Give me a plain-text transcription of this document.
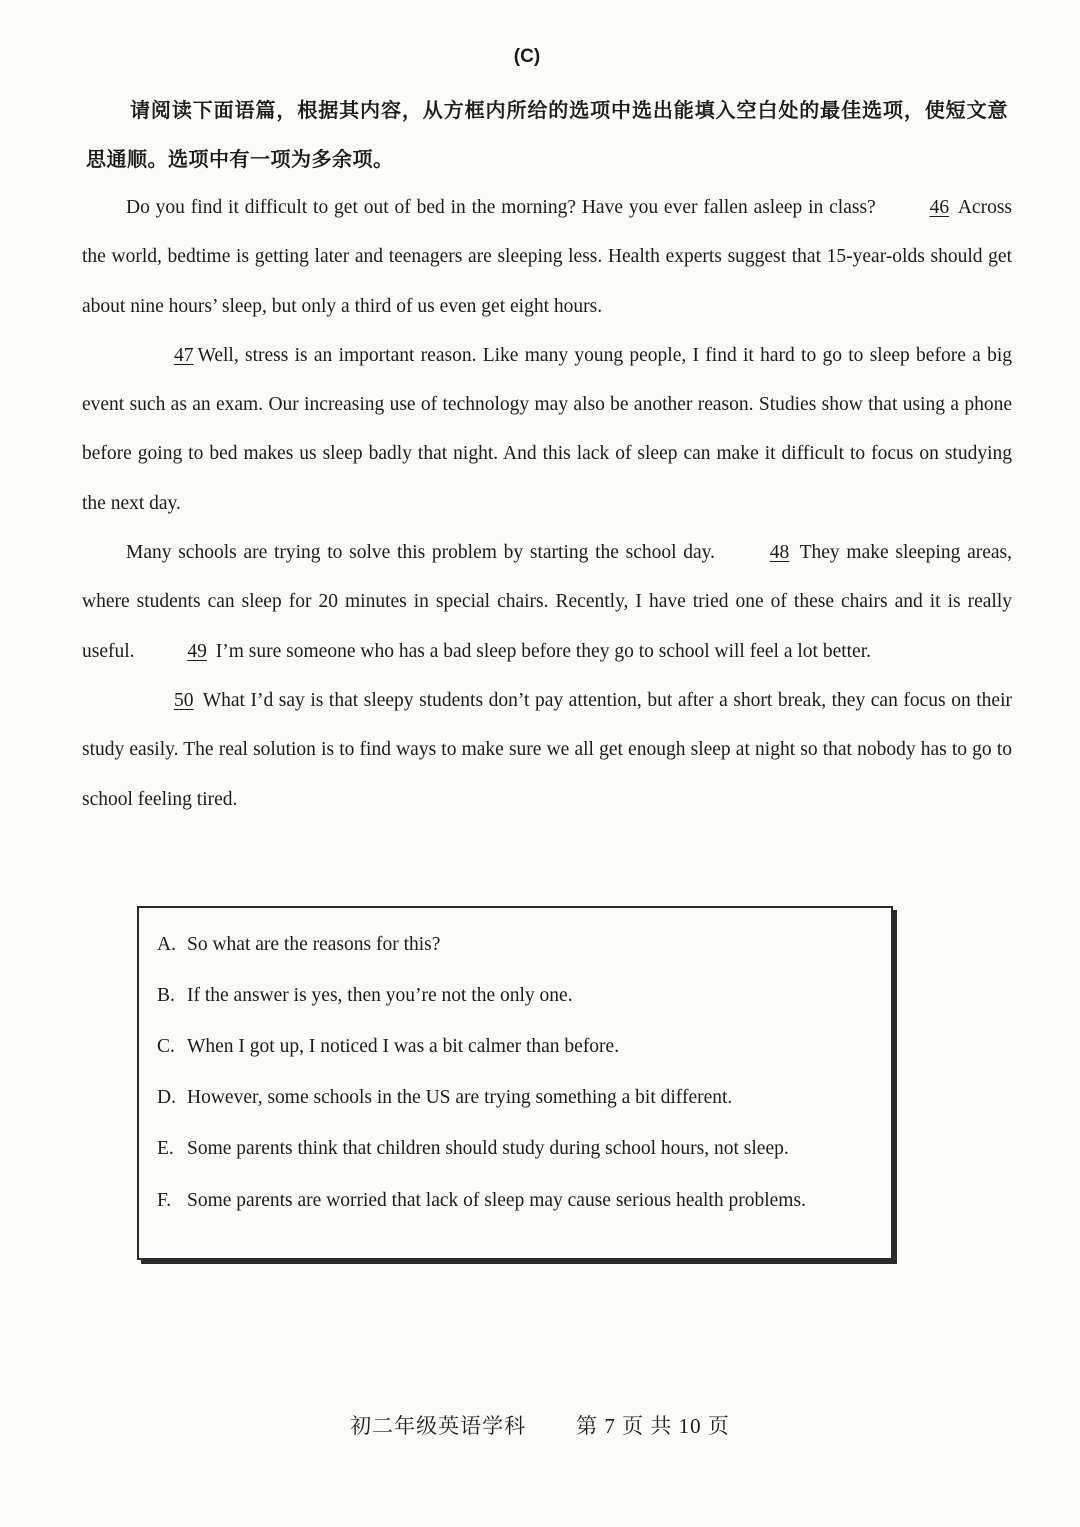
(C)
请阅读下面语篇，根据其内容，从方框内所给的选项中选出能填入空白处的最佳选项，使短文意思通顺。选项中有一项为多余项。

Do you find it difficult to get out of bed in the morning? Have you ever fallen asleep in class? 46 Across the world, bedtime is getting later and teenagers are sleeping less. Health experts suggest that 15-year-olds should get about nine hours’ sleep, but only a third of us even get eight hours.

47 Well, stress is an important reason. Like many young people, I find it hard to go to sleep before a big event such as an exam. Our increasing use of technology may also be another reason. Studies show that using a phone before going to bed makes us sleep badly that night. And this lack of sleep can make it difficult to focus on studying the next day.

Many schools are trying to solve this problem by starting the school day. 48 They make sleeping areas, where students can sleep for 20 minutes in special chairs. Recently, I have tried one of these chairs and it is really useful. 49 I’m sure someone who has a bad sleep before they go to school will feel a lot better.

50 What I’d say is that sleepy students don’t pay attention, but after a short break, they can focus on their study easily. The real solution is to find ways to make sure we all get enough sleep at night so that nobody has to go to school feeling tired.

A. So what are the reasons for this?
B. If the answer is yes, then you’re not the only one.
C. When I got up, I noticed I was a bit calmer than before.
D. However, some schools in the US are trying something a bit different.
E. Some parents think that children should study during school hours, not sleep.
F. Some parents are worried that lack of sleep may cause serious health problems.
初二年级英语学科 第 7 页 共 10 页
